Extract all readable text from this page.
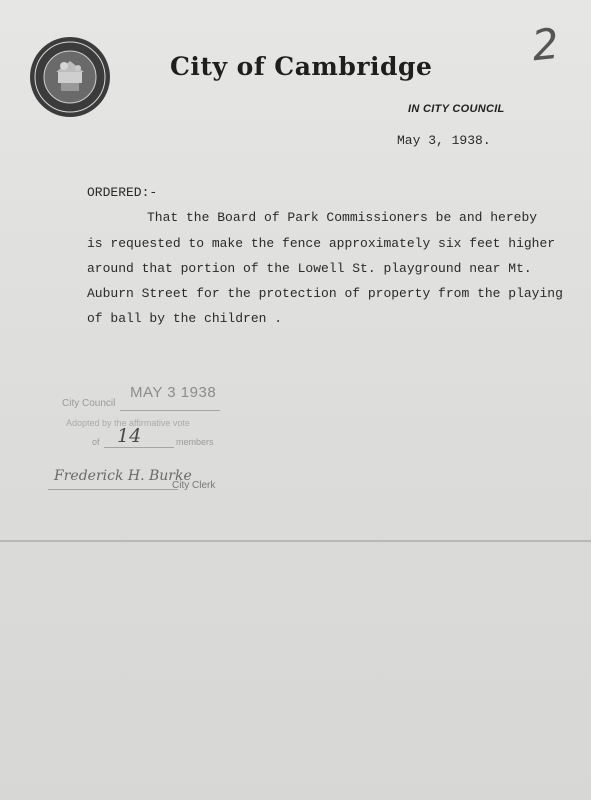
2
City of Cambridge
IN CITY COUNCIL
May 3, 1938.
ORDERED:-
That the Board of Park Commissioners be and hereby
is requested to make the fence approximately six feet higher
around that portion of the Lowell St. playground near Mt.
Auburn Street for the protection of property from the playing
of ball by the children .
City Council
MAY 3 1938
Adopted by the affirmative vote
of 14	members
Frederick H. Burke
City Clerk
